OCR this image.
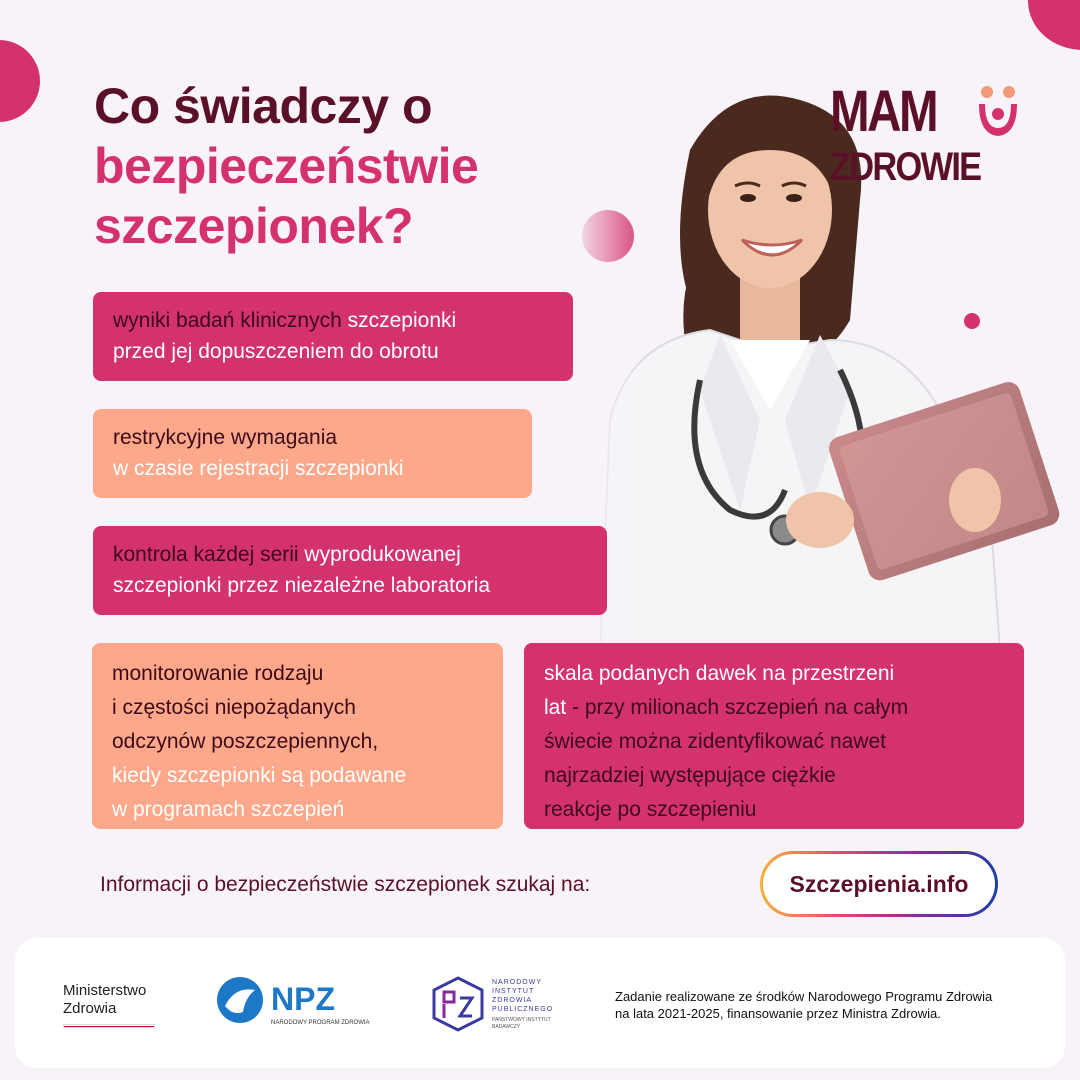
Co świadczy o
bezpieczeństwie
szczepionek?
MAM
ZDROWIE
wyniki badań klinicznych szczepionki
przed jej dopuszczeniem do obrotu
restrykcyjne wymagania
w czasie rejestracji szczepionki
kontrola każdej serii wyprodukowanej
szczepionki przez niezależne laboratoria
monitorowanie rodzaju
i częstości niepożądanych
odczynów poszczepiennych,
kiedy szczepionki są podawane
w programach szczepień
skala podanych dawek na przestrzeni
lat - przy milionach szczepień na całym
świecie można zidentyfikować nawet
najrzadziej występujące ciężkie
reakcje po szczepieniu
Informacji o bezpieczeństwie szczepionek szukaj na:	Szczepienia.info
Ministerstwo
Zdrowia	NPZ
NARODOWY PROGRAM ZDROWIA
NARODOWY
INSTYTUT
ZDROWIA
PUBLICZNEGO
PAŃSTWOWY INSTYTUT
BADAWCZY
Zadanie realizowane ze środków Narodowego Programu Zdrowia
na lata 2021-2025, finansowanie przez Ministra Zdrowia.
